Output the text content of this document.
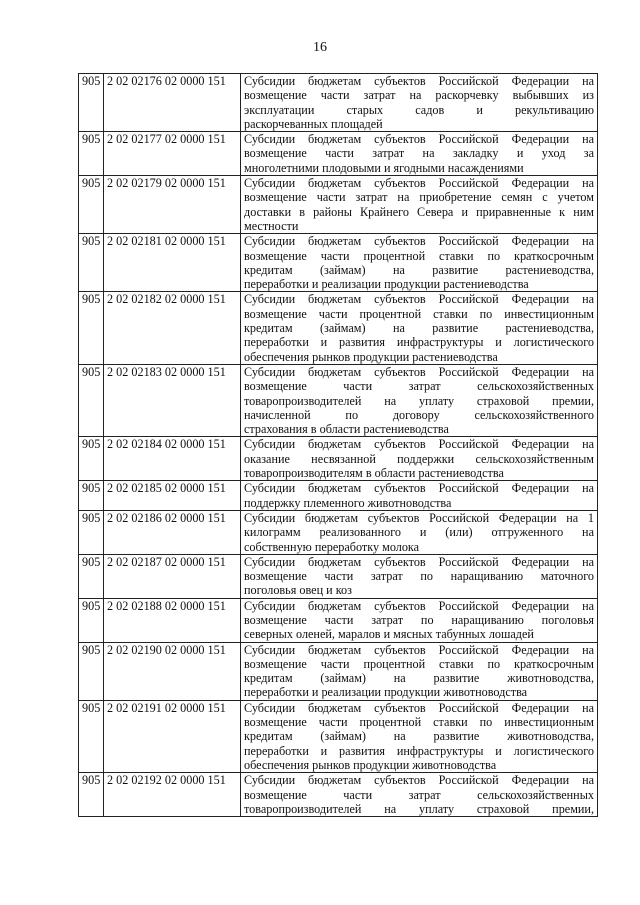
16
905	2 02 02176 02 0000 151	Субсидии бюджетам субъектов Российской Федерации на
возмещение части затрат на раскорчевку выбывших из
эксплуатации старых садов и рекультивацию
раскорчеванных площадей

905	2 02 02177 02 0000 151	Субсидии бюджетам субъектов Российской Федерации на
возмещение части затрат на закладку и уход за
многолетними плодовыми и ягодными насаждениями

905	2 02 02179 02 0000 151	Субсидии бюджетам субъектов Российской Федерации на
возмещение части затрат на приобретение семян с учетом
доставки в районы Крайнего Севера и приравненные к ним
местности

905	2 02 02181 02 0000 151	Субсидии бюджетам субъектов Российской Федерации на
возмещение части процентной ставки по краткосрочным
кредитам (займам) на развитие растениеводства,
переработки и реализации продукции растениеводства

905	2 02 02182 02 0000 151	Субсидии бюджетам субъектов Российской Федерации на
возмещение части процентной ставки по инвестиционным
кредитам (займам) на развитие растениеводства,
переработки и развития инфраструктуры и логистического
обеспечения рынков продукции растениеводства

905	2 02 02183 02 0000 151	Субсидии бюджетам субъектов Российской Федерации на
возмещение части затрат сельскохозяйственных
товаропроизводителей на уплату страховой премии,
начисленной по договору сельскохозяйственного
страхования в области растениеводства

905	2 02 02184 02 0000 151	Субсидии бюджетам субъектов Российской Федерации на
оказание несвязанной поддержки сельскохозяйственным
товаропроизводителям в области растениеводства

905	2 02 02185 02 0000 151	Субсидии бюджетам субъектов Российской Федерации на
поддержку племенного животноводства

905	2 02 02186 02 0000 151	Субсидии бюджетам субъектов Российской Федерации на 1
килограмм реализованного и (или) отгруженного на
собственную переработку молока

905	2 02 02187 02 0000 151	Субсидии бюджетам субъектов Российской Федерации на
возмещение части затрат по наращиванию маточного
поголовья овец и коз

905	2 02 02188 02 0000 151	Субсидии бюджетам субъектов Российской Федерации на
возмещение части затрат по наращиванию поголовья
северных оленей, маралов и мясных табунных лошадей

905	2 02 02190 02 0000 151	Субсидии бюджетам субъектов Российской Федерации на
возмещение части процентной ставки по краткосрочным
кредитам (займам) на развитие животноводства,
переработки и реализации продукции животноводства

905	2 02 02191 02 0000 151	Субсидии бюджетам субъектов Российской Федерации на
возмещение части процентной ставки по инвестиционным
кредитам (займам) на развитие животноводства,
переработки и развития инфраструктуры и логистического
обеспечения рынков продукции животноводства

905	2 02 02192 02 0000 151	Субсидии бюджетам субъектов Российской Федерации на
возмещение части затрат сельскохозяйственных
товаропроизводителей на уплату страховой премии,
